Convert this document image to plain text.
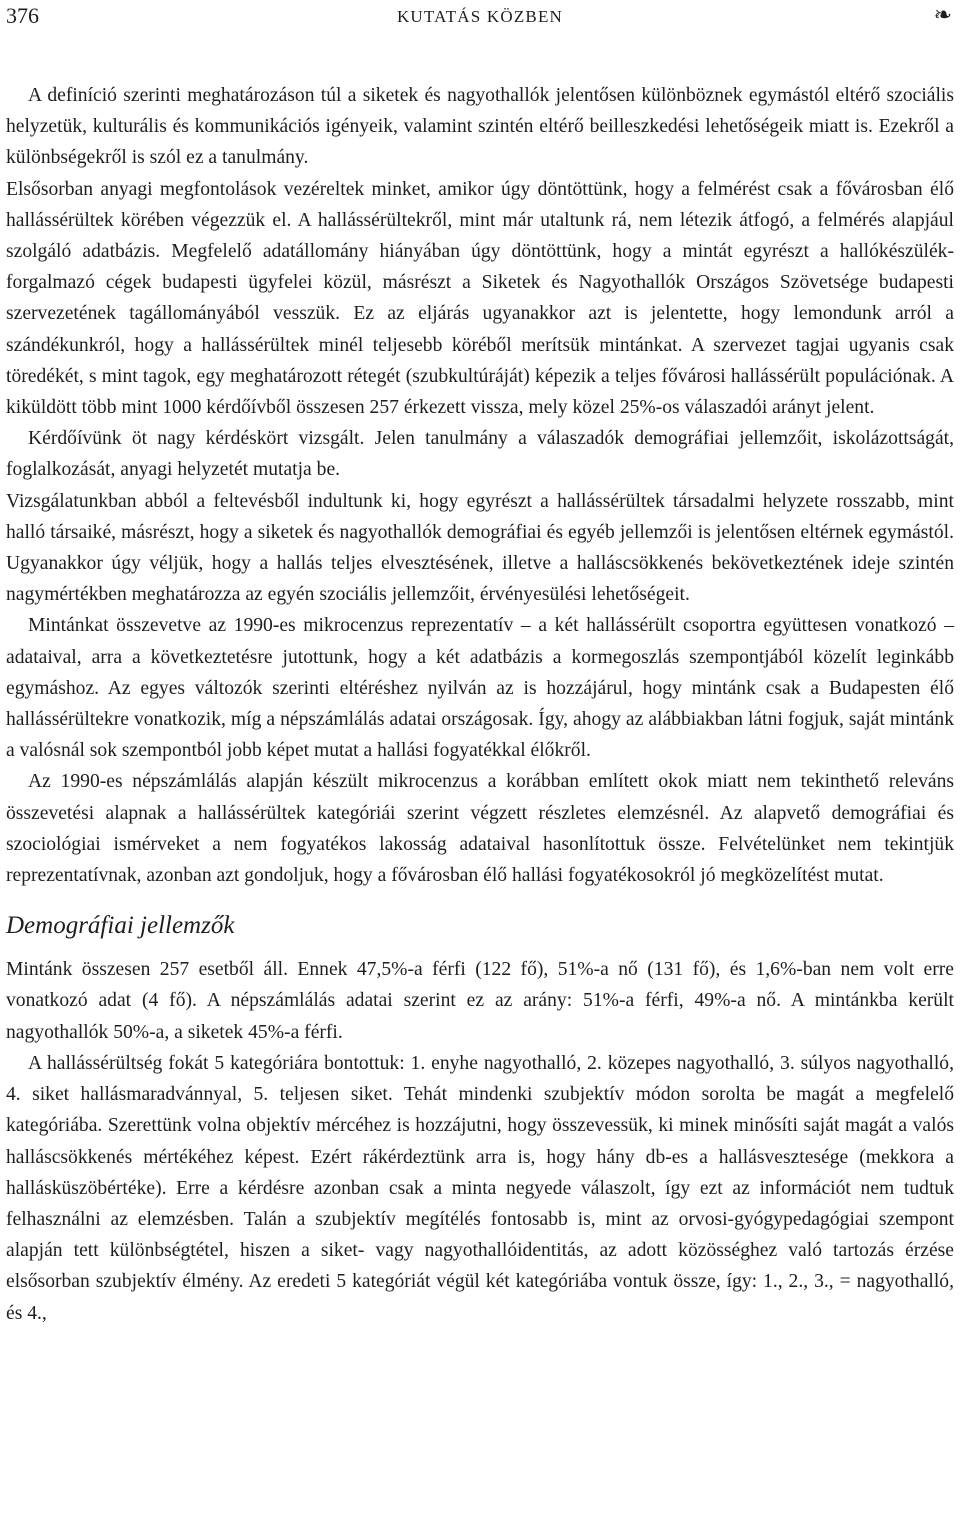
376	KUTATÁS KÖZBEN	❧

A definíció szerinti meghatározáson túl a siketek és nagyothallók jelentősen különböznek egymástól eltérő szociális helyzetük, kulturális és kommunikációs igényeik, valamint szintén eltérő beilleszkedési lehetőségeik miatt is. Ezekről a különbségekről is szól ez a tanulmány.

Elsősorban anyagi megfontolások vezéreltek minket, amikor úgy döntöttünk, hogy a felmérést csak a fővárosban élő hallássérültek körében végezzük el. A hallássérültekről, mint már utaltunk rá, nem létezik átfogó, a felmérés alapjául szolgáló adatbázis. Megfelelő adatállomány hiányában úgy döntöttünk, hogy a mintát egyrészt a hallókészülék-forgalmazó cégek budapesti ügyfelei közül, másrészt a Siketek és Nagyothallók Országos Szövetsége budapesti szervezetének tagállományából vesszük. Ez az eljárás ugyanakkor azt is jelentette, hogy lemondunk arról a szándékunkról, hogy a hallássérültek minél teljesebb köréből merítsük mintánkat. A szervezet tagjai ugyanis csak töredékét, s mint tagok, egy meghatározott rétegét (szubkultúráját) képezik a teljes fővárosi hallássérült populációnak. A kiküldött több mint 1000 kérdőívből összesen 257 érkezett vissza, mely közel 25%-os válaszadói arányt jelent.

Kérdőívünk öt nagy kérdéskört vizsgált. Jelen tanulmány a válaszadók demográfiai jellemzőit, iskolázottságát, foglalkozását, anyagi helyzetét mutatja be.

Vizsgálatunkban abból a feltevésből indultunk ki, hogy egyrészt a hallássérültek társadalmi helyzete rosszabb, mint halló társaiké, másrészt, hogy a siketek és nagyothallók demográfiai és egyéb jellemzői is jelentősen eltérnek egymástól. Ugyanakkor úgy véljük, hogy a hallás teljes elvesztésének, illetve a halláscsökkenés bekövetkeztének ideje szintén nagymértékben meghatározza az egyén szociális jellemzőit, érvényesülési lehetőségeit.

Mintánkat összevetve az 1990-es mikrocenzus reprezentatív – a két hallássérült csoportra együttesen vonatkozó – adataival, arra a következtetésre jutottunk, hogy a két adatbázis a kormegoszlás szempontjából közelít leginkább egymáshoz. Az egyes változók szerinti eltéréshez nyilván az is hozzájárul, hogy mintánk csak a Budapesten élő hallássérültekre vonatkozik, míg a népszámlálás adatai országosak. Így, ahogy az alábbiakban látni fogjuk, saját mintánk a valósnál sok szempontból jobb képet mutat a hallási fogyatékkal élőkről.

Az 1990-es népszámlálás alapján készült mikrocenzus a korábban említett okok miatt nem tekinthető releváns összevetési alapnak a hallássérültek kategóriái szerint végzett részletes elemzésnél. Az alapvető demográfiai és szociológiai ismérveket a nem fogyatékos lakosság adataival hasonlítottuk össze. Felvételünket nem tekintjük reprezentatívnak, azonban azt gondoljuk, hogy a fővárosban élő hallási fogyatékosokról jó megközelítést mutat.

Demográfiai jellemzők

Mintánk összesen 257 esetből áll. Ennek 47,5%-a férfi (122 fő), 51%-a nő (131 fő), és 1,6%-ban nem volt erre vonatkozó adat (4 fő). A népszámlálás adatai szerint ez az arány: 51%-a férfi, 49%-a nő. A mintánkba került nagyothallók 50%-a, a siketek 45%-a férfi.

A hallássérültség fokát 5 kategóriára bontottuk: 1. enyhe nagyothalló, 2. közepes nagyothalló, 3. súlyos nagyothalló, 4. siket hallásmaradvánnyal, 5. teljesen siket. Tehát mindenki szubjektív módon sorolta be magát a megfelelő kategóriába. Szerettünk volna objektív mércéhez is hozzájutni, hogy összevessük, ki minek minősíti saját magát a valós halláscsökkenés mértékéhez képest. Ezért rákérdeztünk arra is, hogy hány db-es a hallásvesztesége (mekkora a hallásküszöbértéke). Erre a kérdésre azonban csak a minta negyede válaszolt, így ezt az információt nem tudtuk felhasználni az elemzésben. Talán a szubjektív megítélés fontosabb is, mint az orvosi-gyógypedagógiai szempont alapján tett különbségtétel, hiszen a siket- vagy nagyothallóidentitás, az adott közösséghez való tartozás érzése elsősorban szubjektív élmény. Az eredeti 5 kategóriát végül két kategóriába vontuk össze, így: 1., 2., 3., = nagyothalló, és 4.,
